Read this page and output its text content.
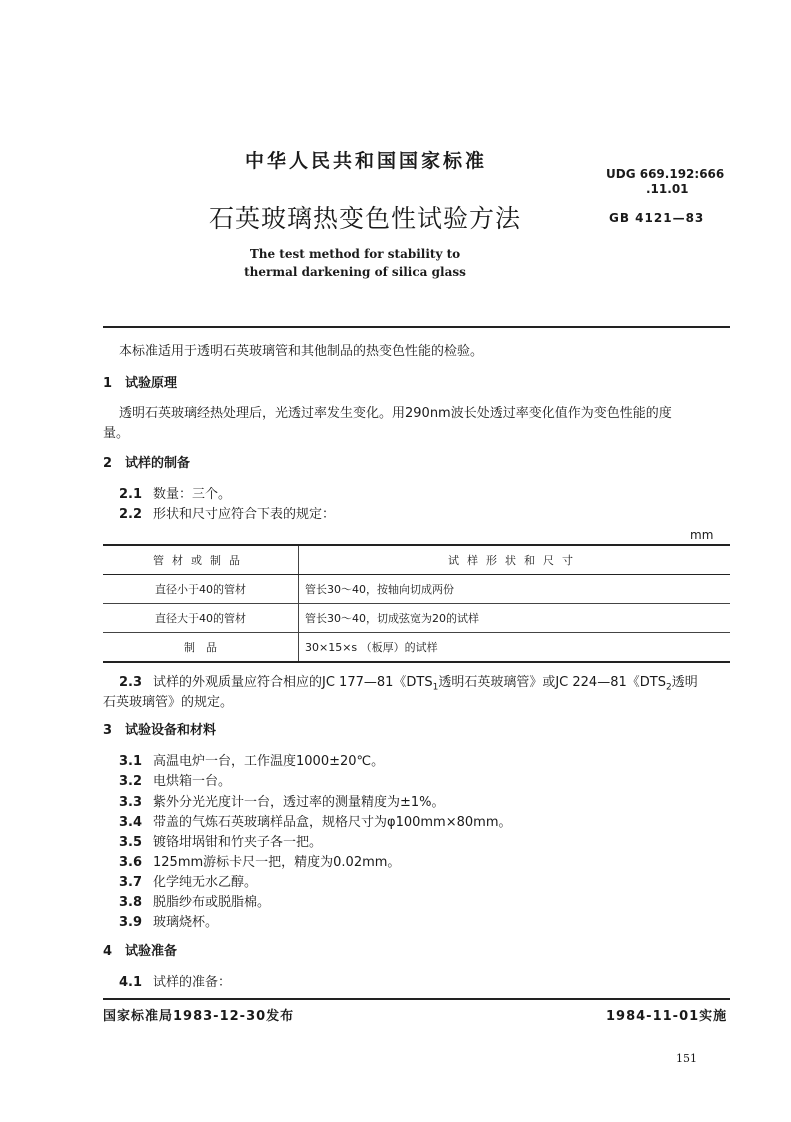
中华人民共和国国家标准
UDG 669.192:666
.11.01
石英玻璃热变色性试验方法	GB 4121—83
The test method for stability to
thermal darkening of silica glass
本标准适用于透明石英玻璃管和其他制品的热变色性能的检验。
1 试验原理
透明石英玻璃经热处理后，光透过率发生变化。用290nm波长处透过率变化值作为变色性能的度
量。
2 试样的制备
2.1 数量：三个。
2.2 形状和尺寸应符合下表的规定：
mm
管材或制品	试样形状和尺寸
直径小于40的管材	管长30～40，按轴向切成两份
直径大于40的管材	管长30～40，切成弦宽为20的试样
制　品	30×15×s （板厚）的试样
2.3 试样的外观质量应符合相应的JC 177—81《$DTS_1$透明石英玻璃管》或JC 224—81《$DTS_2$透明
石英玻璃管》的规定。
3 试验设备和材料
3.1 高温电炉一台，工作温度1000±20℃。
3.2 电烘箱一台。
3.3 紫外分光光度计一台，透过率的测量精度为±1%。
3.4 带盖的气炼石英玻璃样品盒，规格尺寸为φ100mm×80mm。
3.5 镀铬坩埚钳和竹夹子各一把。
3.6 125mm游标卡尺一把，精度为0.02mm。
3.7 化学纯无水乙醇。
3.8 脱脂纱布或脱脂棉。
3.9 玻璃烧杯。
4 试验准备
4.1 试样的准备：
国家标准局1983-12-30发布	1984-11-01实施
151
